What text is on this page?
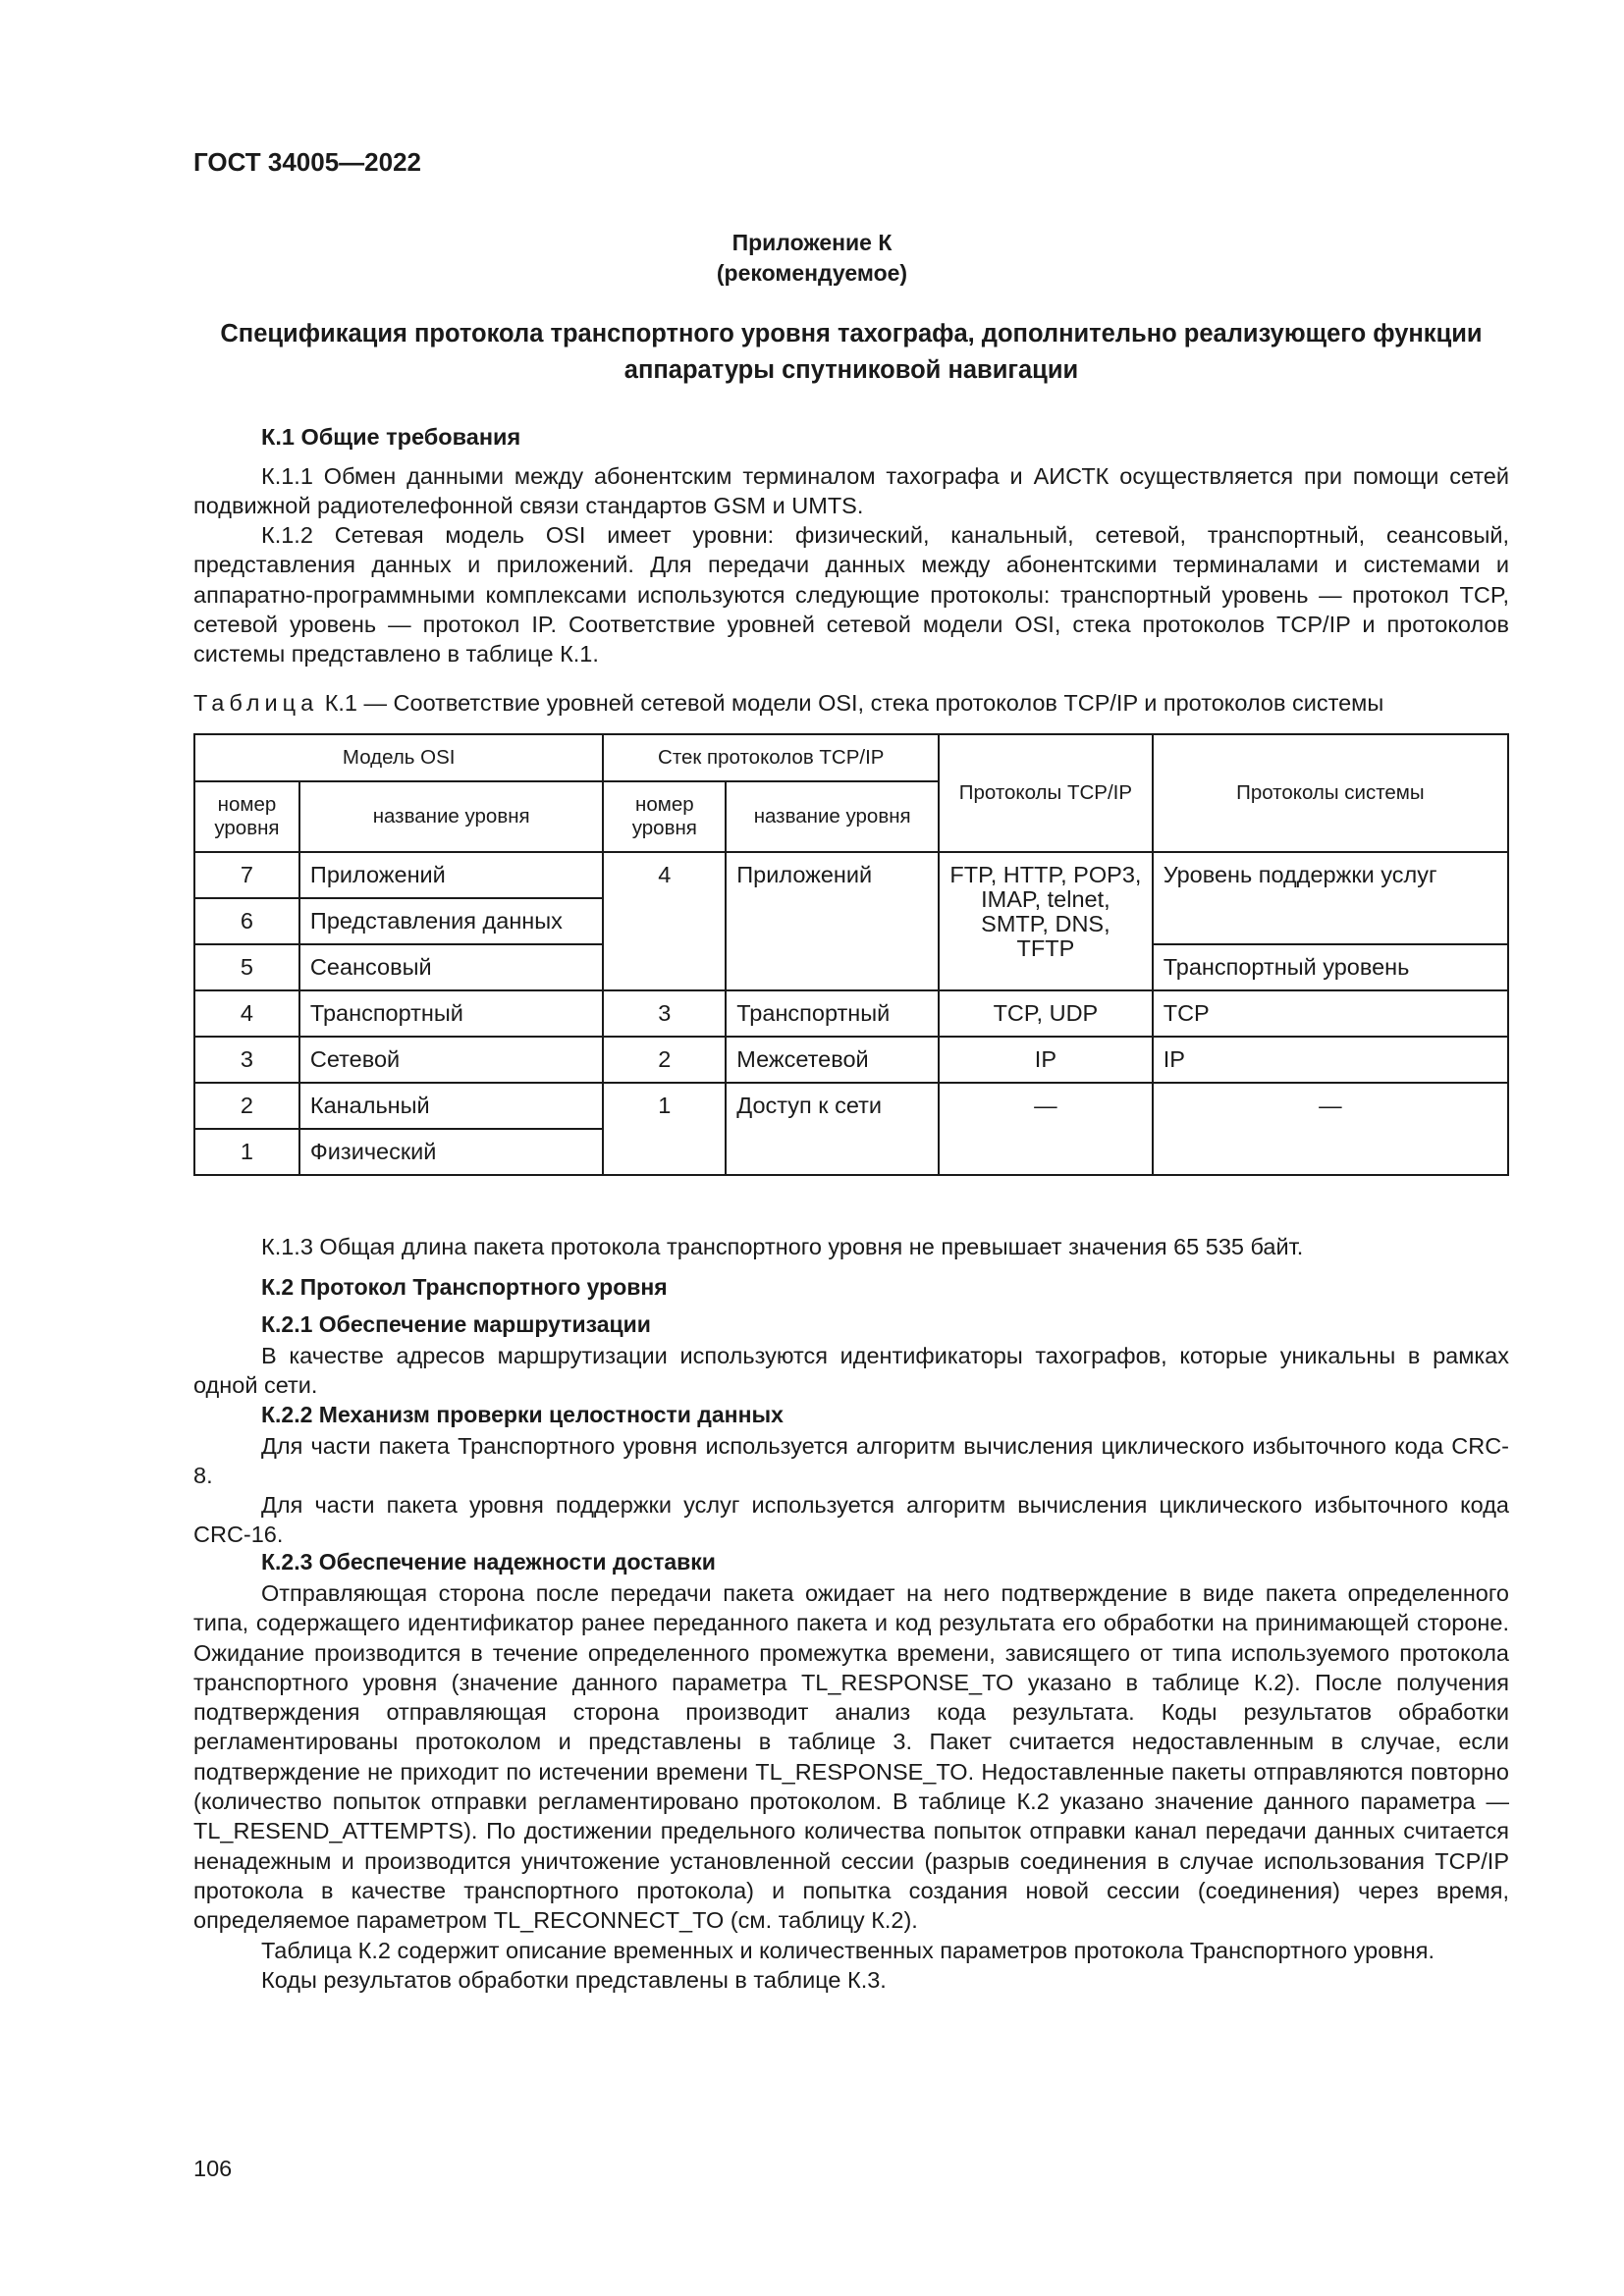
ГОСТ 34005—2022
Приложение К
(рекомендуемое)
Спецификация протокола транспортного уровня тахографа, дополнительно реализующего функции аппаратуры спутниковой навигации
К.1 Общие требования

К.1.1 Обмен данными между абонентским терминалом тахографа и АИСТК осуществляется при помощи сетей подвижной радиотелефонной связи стандартов GSM и UMTS.

К.1.2 Сетевая модель OSI имеет уровни: физический, канальный, сетевой, транспортный, сеансовый, представления данных и приложений. Для передачи данных между абонентскими терминалами и системами и аппаратно-программными комплексами используются следующие протоколы: транспортный уровень — протокол TCP, сетевой уровень — протокол IP. Соответствие уровней сетевой модели OSI, стека протоколов TCP/IP и протоколов системы представлено в таблице К.1.

Таблица К.1 — Соответствие уровней сетевой модели OSI, стека протоколов TCP/IP и протоколов системы
Модель OSI		Стек протоколов TCP/IP		Протоколы TCP/IP	Протоколы системы
номер уровня	название уровня	номер уровня	название уровня		
7	Приложений	4	Приложений	FTP, HTTP, POP3, IMAP, telnet, SMTP, DNS, TFTP	Уровень поддержки услуг
6	Представления данных				
5	Сеансовый				Транспортный уровень
4	Транспортный	3	Транспортный	TCP, UDP	TCP
3	Сетевой	2	Межсетевой	IP	IP
2	Канальный	1	Доступ к сети	—	—
1	Физический				

К.1.3 Общая длина пакета протокола транспортного уровня не превышает значения 65 535 байт.

К.2 Протокол Транспортного уровня
К.2.1 Обеспечение маршрутизации

В качестве адресов маршрутизации используются идентификаторы тахографов, которые уникальны в рамках одной сети.

К.2.2 Механизм проверки целостности данных

Для части пакета Транспортного уровня используется алгоритм вычисления циклического избыточного кода CRC-8.

Для части пакета уровня поддержки услуг используется алгоритм вычисления циклического избыточного кода CRC-16.

К.2.3 Обеспечение надежности доставки

Отправляющая сторона после передачи пакета ожидает на него подтверждение в виде пакета определенного типа, содержащего идентификатор ранее переданного пакета и код результата его обработки на принимающей стороне. Ожидание производится в течение определенного промежутка времени, зависящего от типа используемого протокола транспортного уровня (значение данного параметра TL_RESPONSE_TO указано в таблице К.2). После получения подтверждения отправляющая сторона производит анализ кода результата. Коды результатов обработки регламентированы протоколом и представлены в таблице 3. Пакет считается недоставленным в случае, если подтверждение не приходит по истечении времени TL_RESPONSE_TO. Недоставленные пакеты отправляются повторно (количество попыток отправки регламентировано протоколом. В таблице К.2 указано значение данного параметра — TL_RESEND_ATTEMPTS). По достижении предельного количества попыток отправки канал передачи данных считается ненадежным и производится уничтожение установленной сессии (разрыв соединения в случае использования TCP/IP протокола в качестве транспортного протокола) и попытка создания новой сессии (соединения) через время, определяемое параметром TL_RECONNECT_TO (см. таблицу К.2).

Таблица К.2 содержит описание временных и количественных параметров протокола Транспортного уровня.

Коды результатов обработки представлены в таблице К.3.

106
